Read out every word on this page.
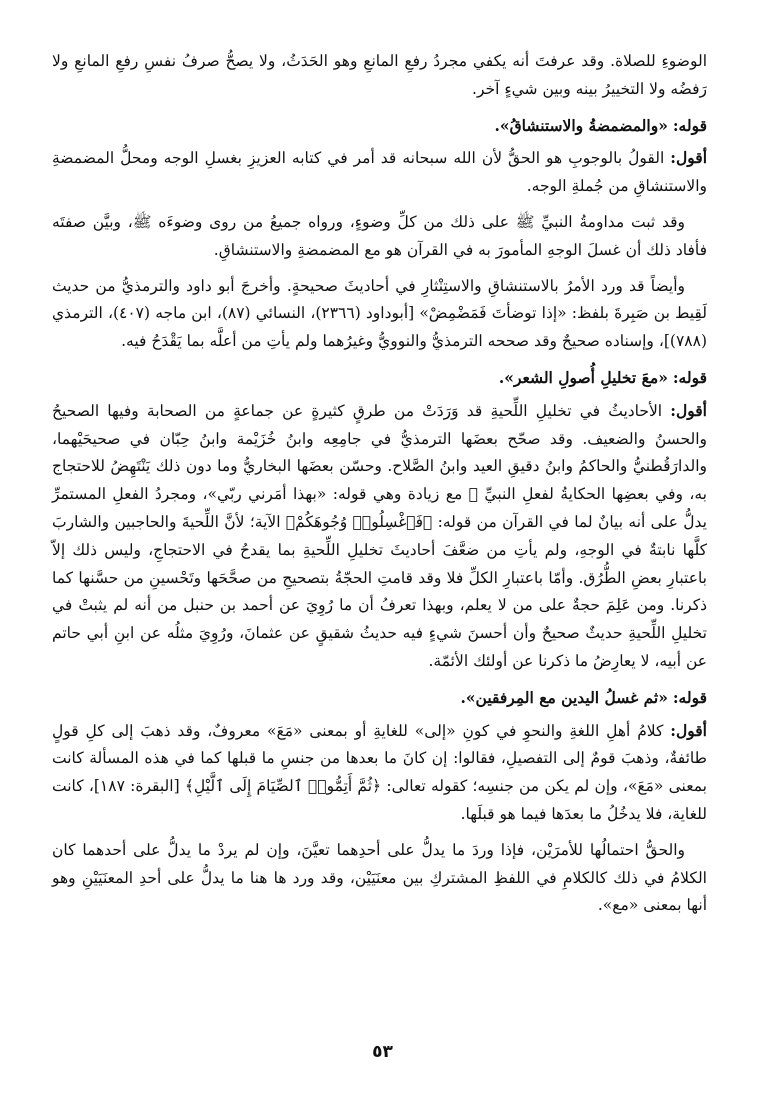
الوضوءِ للصلاة. وقد عرفتَ أنه يكفي مجردُ رفعِ المانعِ وهو الحَدَثُ، ولا يصحُّ صرفُ نفسِ رفعِ المانعِ ولا رَفضُه ولا التخييرُ بينه وبين شيءٍ آخر.
قوله: «والمضمضةُ والاستنشاقُ».
أقول: القولُ بالوجوبِ هو الحقُّ لأن الله سبحانه قد أمر في كتابه العزيزِ بغسلِ الوجه ومحلُّ المضمضةِ والاستنشاقِ من جُملةِ الوجه.
وقد ثبت مداومةُ النبيِّ ﷺ على ذلك من كلِّ وضوءٍ، ورواه جميعُ من روى وضوءَه ﷺ، وبيَّن صفتَه فأفاد ذلك أن غسلَ الوجهِ المأمورَ به في القرآن هو مع المضمضةِ والاستنشاقِ.
وأيضاً قد ورد الأمرُ بالاستنشاقِ والاستِنْثارِ في أحاديثَ صحيحةٍ. وأخرجَ أبو داود والترمذيُّ من حديث لَقِيط بن صَبِرةَ بلفظ: «إذا توضأتَ فَمَضْمِضْ» [أبوداود (٢٣٦٦)، النسائي (٨٧)، ابن ماجه (٤٠٧)، الترمذي (٧٨٨)]، وإسناده صحيحٌ وقد صححه الترمذيُّ والنوويُّ وغيرُهما ولم يأتِ من أعلَّه بما يَقْدَحُ فيه.
قوله: «معَ تخليلِ أُصولِ الشعر».
أقول: الأحاديثُ في تخليلِ اللِّحيةِ قد وَرَدَتْ من طرقٍ كثيرةٍ عن جماعةٍ من الصحابة وفيها الصحيحُ والحسنُ والضعيف. وقد صحّح بعضَها الترمذيُّ في جامِعِه وابنُ خُزَيْمة وابنُ حِبّان في صحيحَيْهما، والدارَقُطنيُّ والحاكمُ وابنُ دقيقِ العيد وابنُ الصَّلاح. وحسّن بعضَها البخاريُّ وما دون ذلك يَنْتَهِضُ للاحتجاج به، وفي بعضِها الحكايةُ لفعلِ النبيِّ ﷺ مع زيادة وهي قوله: «بهذا أمَرني ربّي»، ومجردُ الفعلِ المستمرِّ يدلُّ على أنه بيانٌ لما في القرآن من قوله: ﴿فَٱغْسِلُوا۟ وُجُوهَكُمْ﴾ الآية؛ لأنَّ اللِّحيةَ والحاجبين والشاربَ كلَّها نابتةٌ في الوجهِ، ولم يأتِ من ضعَّفَ أحاديثَ تخليلِ اللِّحيةِ بما يقدحُ في الاحتجاجِ، وليس ذلك إلاّ باعتبارِ بعضِ الطُّرُق. وأمّا باعتبارِ الكلِّ فلا وقد قامتِ الحجّةُ بتصحيحِ من صحَّحَها وتَحْسينِ من حسَّنها كما ذكرنا. ومن عَلِمَ حجةٌ على من لا يعلم، وبهذا تعرفُ أن ما رُوِيَ عن أحمد بن حنبل من أنه لم يثبتْ في تخليلِ اللِّحيةِ حديثٌ صحيحٌ وأن أحسنَ شيءٍ فيه حديثُ شقيقٍ عن عثمانَ، ورُوِيَ مثلُه عن ابنِ أبي حاتم عن أبيه، لا يعارِضُ ما ذكرنا عن أولئك الأئمّة.
قوله: «ثم غسلُ اليدين مع المِرفقين».
أقول: كلامُ أهلِ اللغةِ والنحوِ في كونِ «إلى» للغايةِ أو بمعنى «مَعَ» معروفٌ، وقد ذهبَ إلى كلِ قولٍ طائفةٌ، وذهبَ قومٌ إلى التفصيلِ، فقالوا: إن كانَ ما بعدها من جنسِ ما قبلها كما في هذه المسألة كانت بمعنى «مَعَ»، وإن لم يكن من جنسِه؛ كقوله تعالى: ﴿ثُمَّ أَتِمُّوا۟ ٱلصِّيَامَ إِلَى ٱلَّيْلِ﴾ [البقرة: ١٨٧]، كانت للغاية، فلا يدخُلُ ما بعدَها فيما هو قبلَها.
والحقُّ احتمالُها للأمرَيْن، فإذا وردَ ما يدلُّ على أحدِهما تعيَّنَ، وإن لم يردْ ما يدلُّ على أحدهما كان الكلامُ في ذلك كالكلامِ في اللفظِ المشتركِ بين معنَيَيْن، وقد ورد ها هنا ما يدلُّ على أحدِ المعنَيَيْنِ وهو أنها بمعنى «مع».
٥٣
